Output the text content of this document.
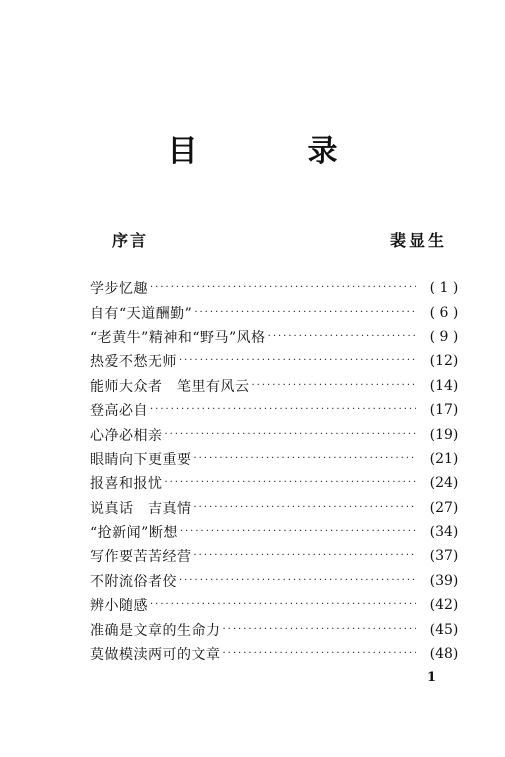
目　录
序言	裴显生
学步忆趣 ·····	( 1 )
自有“天道酬勤” ·····	( 6 )
“老黄牛”精神和“野马”风格 ·····	( 9 )
热爱不愁无师 ·····	(12)
能师大众者　笔里有风云 ·····	(14)
登高必自 ·····	(17)
心净必相亲 ·····	(19)
眼睛向下更重要 ·····	(21)
报喜和报忧 ·····	(24)
说真话　吉真情 ·····	(27)
“抢新闻”断想 ·····	(34)
写作要苦苦经营 ·····	(37)
不附流俗者佼 ·····	(39)
辨小随感 ·····	(42)
准确是文章的生命力 ·····	(45)
莫做模渎两可的文章 ·····	(48)
1
